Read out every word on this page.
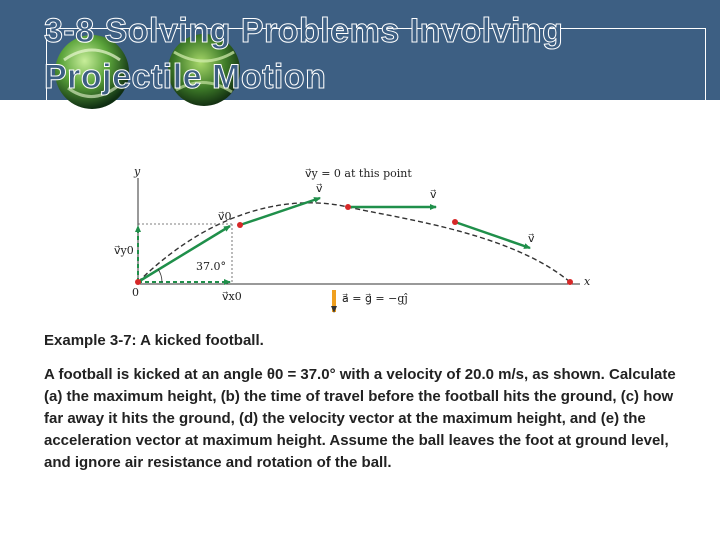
3-8 Solving Problems Involving Projectile Motion
y
x
0
v⃗y = 0 at this point
v⃗	v⃗
v⃗
v⃗0
v⃗y0
v⃗x0
37.0°
a⃗ = g⃗ = −gĵ

Example 3-7: A kicked football.

A football is kicked at an angle θ0 = 37.0° with a velocity of 20.0 m/s, as shown. Calculate (a) the maximum height, (b) the time of travel before the football hits the ground, (c) how far away it hits the ground, (d) the velocity vector at the maximum height, and (e) the acceleration vector at maximum height. Assume the ball leaves the foot at ground level, and ignore air resistance and rotation of the ball.
